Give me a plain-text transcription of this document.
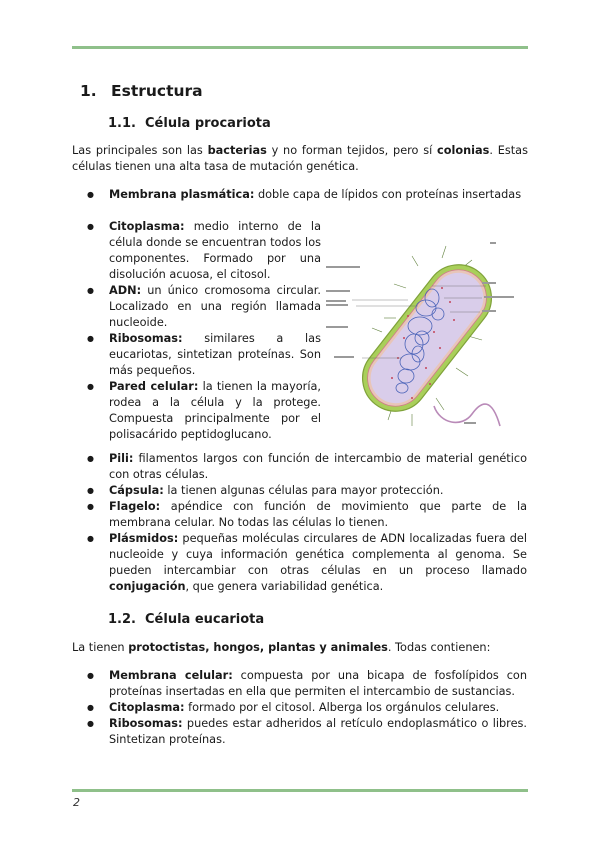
1. Estructura
1.1. Célula procariota

Las principales son las bacterias y no forman tejidos, pero sí colonias. Estas células tienen una alta tasa de mutación genética.

● Membrana plasmática: doble capa de lípidos con proteínas insertadas
● Citoplasma: medio interno de la célula donde se encuentran todos los componentes. Formado por una disolución acuosa, el citosol.
● ADN: un único cromosoma circular. Localizado en una región llamada nucleoide.
● Ribosomas: similares a las eucariotas, sintetizan proteínas. Son más pequeños.
● Pared celular: la tienen la mayoría, rodea a la célula y la protege. Compuesta principalmente por el polisacárido peptidoglucano.
● Pili: filamentos largos con función de intercambio de material genético con otras células.
● Cápsula: la tienen algunas células para mayor protección.
● Flagelo: apéndice con función de movimiento que parte de la membrana celular. No todas las células lo tienen.
● Plásmidos: pequeñas moléculas circulares de ADN localizadas fuera del nucleoide y cuya información genética complementa al genoma. Se pueden intercambiar con otras células en un proceso llamado conjugación, que genera variabilidad genética.
1.2. Célula eucariota

La tienen protoctistas, hongos, plantas y animales. Todas contienen:

● Membrana celular: compuesta por una bicapa de fosfolípidos con proteínas insertadas en ella que permiten el intercambio de sustancias.
● Citoplasma: formado por el citosol. Alberga los orgánulos celulares.
● Ribosomas: puedes estar adheridos al retículo endoplasmático o libres. Sintetizan proteínas.
2
